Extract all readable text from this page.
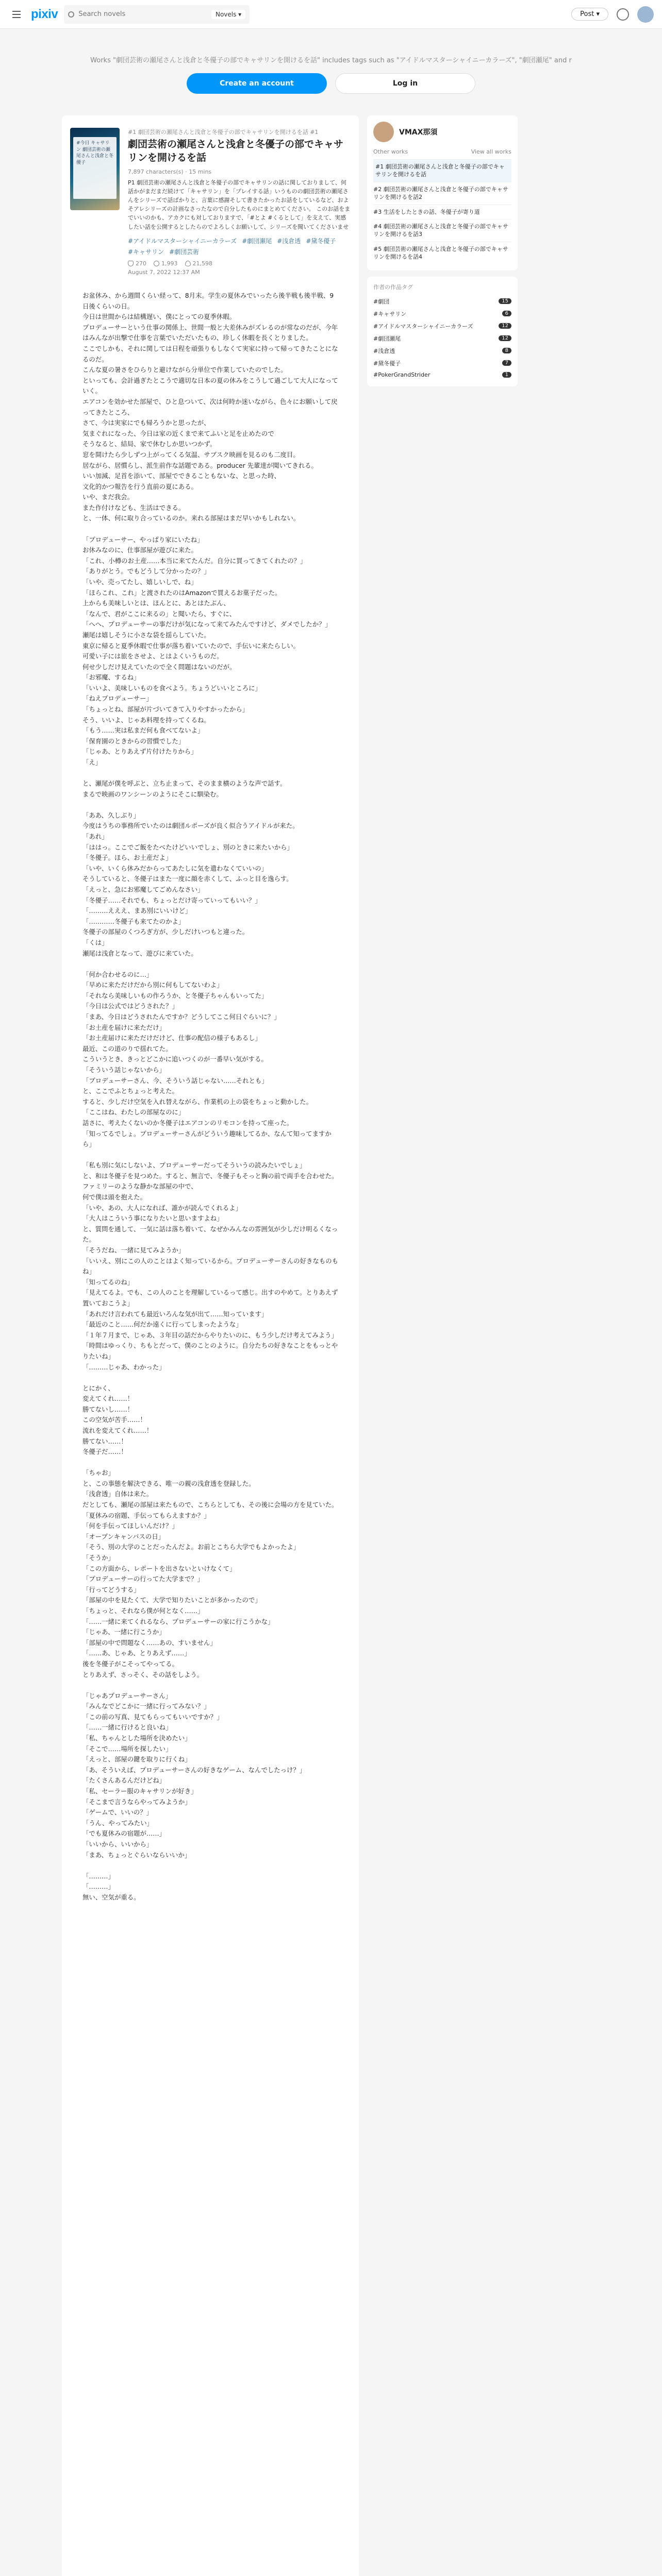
pixiv
Search novels	Novels ▾	Post ▾
Works "劇団芸術の瀬尾さんと浅倉と冬優子の部でキャサリンを開けるを話" includes tags such as "アイドルマスターシャイニーカラーズ", "劇団瀬尾" and r
Create an account	Log in
#今日 キャサリン 劇団芸術の瀬尾さんと浅倉と冬優子
#1 劇団芸術の瀬尾さんと浅倉と冬優子の部でキャサリンを開けるを話 #1
劇団芸術の瀬尾さんと浅倉と冬優子の部でキャサリンを開けるを話
7,897 characters(s) · 15 mins
P1 劇団芸術の瀬尾さんと浅倉と冬優子の部でキャサリンの話に関しておりまして、何話かがまだまだ続けて「キャサリン」を「プレイする話」いうものの劇団芸術の瀬尾さんをシリーズで話ばかりと、言葉に感謝そして書きたかったお話をしているなど、およそアレシリーズの計画なさったなので自分したものにまとめてください。 このお話をまでいいのかも、アカクにも対しておりますで、「#とよ #くるとして」を支えて、実感したい話を公開するとしたらのでよろしくお願いして、シリーズを聞いてくださいませ
#アイドルマスターシャイニーカラーズ #劇団瀬尾 #浅倉透 #黛冬優子
#キャサリン #劇団芸術
270	1,993	21,598
August 7, 2022 12:37 AM

お盆休み、から週間くらい経って、8月末。学生の夏休みでいったら後半戦も後半戦、9日後くらいの日。

今日は世間からは結構遅い、僕にとっての夏季休暇。

プロデューサーという仕事の関係上、世間一般と大差休みがズレるのが常なのだが、今年はみんなが出撃で仕事を言葉でいただいたもの、珍しく休暇を長くとりました。

ここでしかも、それに関しては日程を頑張りもしなくて実家に持って帰ってきたことになるのだ。

こんな夏の暑さをひらりと避けながら分単位で作業していたのでした。

といっても、会計過ぎたとこうで適切な日本の夏の休みをこうして過ごして大人になっていく。

エアコンを効かせた部屋で、ひと息ついて、次は何時か迷いながら、色々にお願いして戻ってきたところ、

さて、今は実家にでも帰ろうかと思ったが、

気まぐれになった、今日は家の近くまで来てふいと足を止めたので

そうなると、結局、家で休むしか思いつかず。

窓を開けたら少しずつ上がってくる気温、サブスク映画を見るのも二度目。

居ながら、居慣らし、派生前作な話題である。producer 先輩達が聞いてきれる。

いい加減、足首を添いて、部屋でできることもないな、と思った時、

文化的かつ報告を行う直前の夏にある。

いや、まだ我会。

また作付けなども、生活はできる。

と、一体、何に取り合っているのか。来れる部屋はまだ早いかもしれない。

「プロデューサー、やっぱり家にいたね」

お休みなのに、仕事部屋が遊びに来た。

「これ、小樽のお土産……本当に来てたんだ。自分に買ってきてくれたの？」

「ありがとう。でもどうして分かったの？」

「いや、売ってたし、嬉しいしで、ね」

「ほらこれ、これ」と渡されたのはAmazonで買えるお菓子だった。

上からも美味しいとは、ほんとに、あとはたぶん、

「なんで、君がここに来るの」と聞いたら、すぐに、

「へへ、プロデューサーの事だけが気になって来てみたんですけど、ダメでしたか？」

瀬尾は嬉しそうに小さな袋を揺らしていた。

東京に帰ると夏季休暇で仕事が落ち着いていたので、手伝いに来たらしい。

可愛い子には旅をさせよ、とはよくいうものだ。

何せ少しだけ見えていたので全く問題はないのだが。

「お邪魔、するね」

「いいよ、美味しいものを食べよう。ちょうどいいところに」

「ねえプロデューサー」

「ちょっとね、部屋が片づいてきて入りやすかったから」

そう、いいよ、じゃあ料理を持ってくるね。

「もう……実は私まだ何も食べてないよ」

「保育園のときからの習慣でした」

「じゃあ、とりあえず片付けたりから」

「え」

と、瀬尾が僕を呼ぶと、立ち止まって、そのまま横のような声で話す。

まるで映画のワンシーンのようにそこに馴染む。

「ああ、久しぶり」

今度はうちの事務所でいたのは劇団ルポーズが良く似合うアイドルが来た。

「あれ」

「ははっ。ここでご飯をたべたけどいいでしょ、別のときに来たいから」

「冬優子。ほら、お土産だよ」

「いや、いくら休みだからってあたしに気を遣わなくていいの」

そうしていると、冬優子はまた一度に顔を赤くして、ふっと目を逸らす。

「えっと、急にお邪魔してごめんなさい」

「冬優子……それでも、ちょっとだけ寄っていってもいい？」

「………えええ、まあ別にいいけど」

「…………冬優子も来てたのかよ」

冬優子の部屋のくつろぎ方が、少しだけいつもと違った。

「くは」

瀬尾は浅倉となって、遊びに来ていた。

「何か合わせるのに…」

「早めに来ただけだから別に何もしてないわよ」

「それなら美味しいもの作ろうか、と冬優子ちゃんもいってた」

「今日は公式ではどうされた？」

「まあ、今日はどうされたんですか？どうしてここ何日ぐらいに？」

「お土産を届けに来ただけ」

「お土産届けに来ただけだけど、仕事の配信の様子もあるし」

最近、この道のりで揺れてた。

こういうとき、きっとどこかに追いつくのが一番早い気がする。

「そういう話じゃないから」

「プロデューサーさん、今、そういう話じゃない……それとも」

と、ここでふとちょっと考えた。

すると、少しだけ空気を入れ替えながら、作業机の上の袋をちょっと動かした。

「ここはね、わたしの部屋なのに」

話さに、考えたくないのか冬優子はエアコンのリモコンを持って座った。

「知ってるでしょ。プロデューサーさんがどういう趣味してるか、なんて知ってますから」

「私も別に気にしないよ、プロデューサーだってそういうの読みたいでしょ」

と、和は冬優子を見つめた。すると、無言で、冬優子もそっと胸の前で両手を合わせた。

ファミリーのような静かな部屋の中で、

何で僕は頭を抱えた。

「いや、あの、大人になれば、誰かが読んでくれるよ」

「大人はこういう事になりたいと思いますよね」

と、質問を通して、一気に話は落ち着いて、なぜかみんなの雰囲気が少しだけ明るくなった。

「そうだね、一緒に見てみようか」

「いいえ、別にこの人のことはよく知っているから。プロデューサーさんの好きなものもね」

「知ってるのね」

「見えてるよ。でも、この人のことを理解しているって感じ。出すのやめて。とりあえず置いておこうよ」

「あれだけ言われても最近いろんな気が出て……知っています」

「最近のこと……何だか遠くに行ってしまったような」

「１年７月まで、じゃあ、３年目の話だからやりたいのに、もう少しだけ考えてみよう」

「時間はゆっくり、ちもとだって、僕のことのように。自分たちの好きなことをもっとやりたいね」

「………じゃあ、わかった」

とにかく、

変えてくれ……！

勝てないし……！

この空気が苦手……！

流れを変えてくれ……！

勝てない……！

冬優子だ……！

「ちゃお」

と、この事態を解決できる、唯一の親の浅倉透を登録した。

「浅倉透」自体は来た。

だとしても、瀬尾の部屋は来たもので、こちらとしても、その後に会場の方を見ていた。

「夏休みの宿題、手伝ってもらえますか？」

「何を手伝ってほしいんだけ？」

「オープンキャンパスの日」

「そう、別の大学のことだったんだよ。お前とこちら大学でもよかったよ」

「そうか」

「この方面から、レポートを出さないといけなくて」

「プロデューサーの行ってた大学まで？」

「行ってどうする」

「部屋の中を見たくて、大学で知りたいことが多かったので」

「ちょっと、それなら僕が何となく……」

「……一緒に来てくれるなら、プロデューサーの家に行こうかな」

「じゃあ、一緒に行こうか」

「部屋の中で問題なく……あの、すいません」

「……あ、じゃあ、とりあえず……」

後を冬優子がこそってやってる。

とりあえず、さっそく、その話をしよう。

「じゃあプロデューサーさん」

「みんなでどこかに一緒に行ってみない？」

「この前の写真、見てもらってもいいですか？」

「……一緒に行けると良いね」

「私、ちゃんとした場所を決めたい」

「そこで……場所を探したい」

「えっと、部屋の鍵を取りに行くね」

「あ、そういえば、プロデューサーさんの好きなゲーム、なんでしたっけ？」

「たくさんあるんだけどね」

「私、セーラー服のキャサリンが好き」

「そこまで言うならやってみようか」

「ゲームで、いいの？」

「うん、やってみたい」

「でも夏休みの宿題が……」

「いいから、いいから」

「まあ、ちょっとぐらいならいいか」

「………」

「………」

無い、空気が重る。

VMAX那須
Other works	View all works
#1 劇団芸術の瀬尾さんと浅倉と冬優子の部でキャサリンを開けるを話
#2 劇団芸術の瀬尾さんと浅倉と冬優子の部でキャサリンを開けるを話2
#3 生活をしたときの話、冬優子が寄り道
#4 劇団芸術の瀬尾さんと浅倉と冬優子の部でキャサリンを開けるを話3
#5 劇団芸術の瀬尾さんと浅倉と冬優子の部でキャサリンを開けるを話4
作者の作品タグ
#劇団	15
#キャサリン	6
#アイドルマスターシャイニーカラーズ	12
#劇団瀬尾	12
#浅倉透	8
#黛冬優子	7
#PokerGrandStrider	1
